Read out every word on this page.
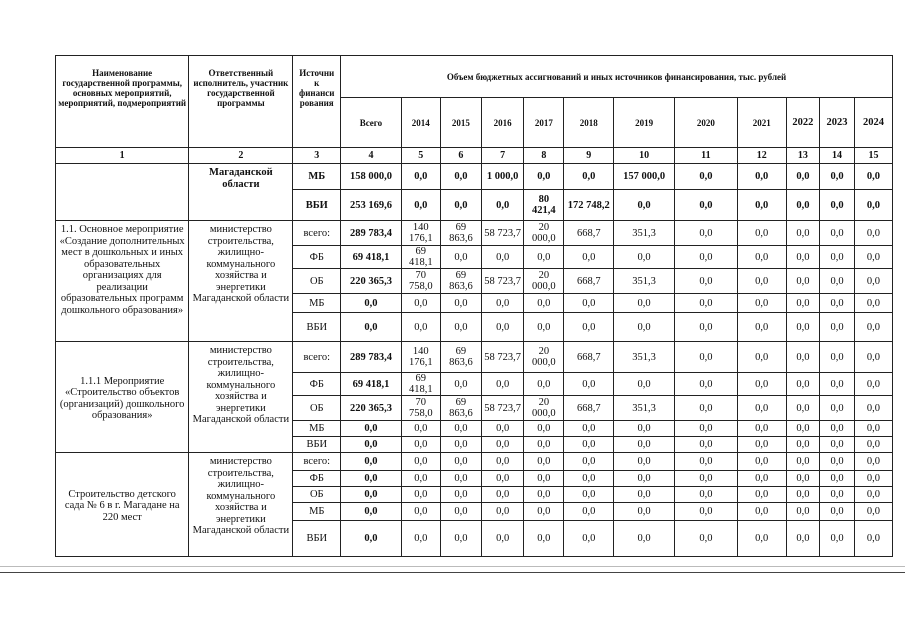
Наименование государственной программы, основных мероприятий, мероприятий, подмероприятий	Ответственный исполнитель, участник государственной программы	Источни
к
финанси
рования	Объем бюджетных ассигнований и иных источников финансирования, тыс. рублей											
			Всего	2014	2015	2016	2017	2018	2019	2020	2021	2022	2023	2024
1	2	3	4	5	6	7	8	9	10	11	12	13	14	15
	Магаданской области	МБ	158 000,0	0,0	0,0	1 000,0	0,0	0,0	157 000,0	0,0	0,0	0,0	0,0	0,0
		ВБИ	253 169,6	0,0	0,0	0,0	80 421,4	172 748,2	0,0	0,0	0,0	0,0	0,0	0,0
1.1. Основное мероприятие «Создание дополнительных мест в дошкольных и иных образовательных организациях для реализации образовательных программ дошкольного образования»	министерство строительства, жилищно-коммунального хозяйства и энергетики Магаданской области	всего:	289 783,4	140 176,1	69 863,6	58 723,7	20 000,0	668,7	351,3	0,0	0,0	0,0	0,0	0,0
		ФБ	69 418,1	69 418,1	0,0	0,0	0,0	0,0	0,0	0,0	0,0	0,0	0,0	0,0
		ОБ	220 365,3	70 758,0	69 863,6	58 723,7	20 000,0	668,7	351,3	0,0	0,0	0,0	0,0	0,0
		МБ	0,0	0,0	0,0	0,0	0,0	0,0	0,0	0,0	0,0	0,0	0,0	0,0
		ВБИ	0,0	0,0	0,0	0,0	0,0	0,0	0,0	0,0	0,0	0,0	0,0	0,0
1.1.1 Мероприятие «Строительство объектов (организаций) дошкольного образования»	министерство строительства, жилищно-коммунального хозяйства и энергетики Магаданской области	всего:	289 783,4	140 176,1	69 863,6	58 723,7	20 000,0	668,7	351,3	0,0	0,0	0,0	0,0	0,0
		ФБ	69 418,1	69 418,1	0,0	0,0	0,0	0,0	0,0	0,0	0,0	0,0	0,0	0,0
		ОБ	220 365,3	70 758,0	69 863,6	58 723,7	20 000,0	668,7	351,3	0,0	0,0	0,0	0,0	0,0
		МБ	0,0	0,0	0,0	0,0	0,0	0,0	0,0	0,0	0,0	0,0	0,0	0,0
		ВБИ	0,0	0,0	0,0	0,0	0,0	0,0	0,0	0,0	0,0	0,0	0,0	0,0
Строительство детского сада № 6 в г. Магадане на 220 мест	министерство строительства, жилищно-коммунального хозяйства и энергетики Магаданской области	всего:	0,0	0,0	0,0	0,0	0,0	0,0	0,0	0,0	0,0	0,0	0,0	0,0
		ФБ	0,0	0,0	0,0	0,0	0,0	0,0	0,0	0,0	0,0	0,0	0,0	0,0
		ОБ	0,0	0,0	0,0	0,0	0,0	0,0	0,0	0,0	0,0	0,0	0,0	0,0
		МБ	0,0	0,0	0,0	0,0	0,0	0,0	0,0	0,0	0,0	0,0	0,0	0,0
		ВБИ	0,0	0,0	0,0	0,0	0,0	0,0	0,0	0,0	0,0	0,0	0,0	0,0
